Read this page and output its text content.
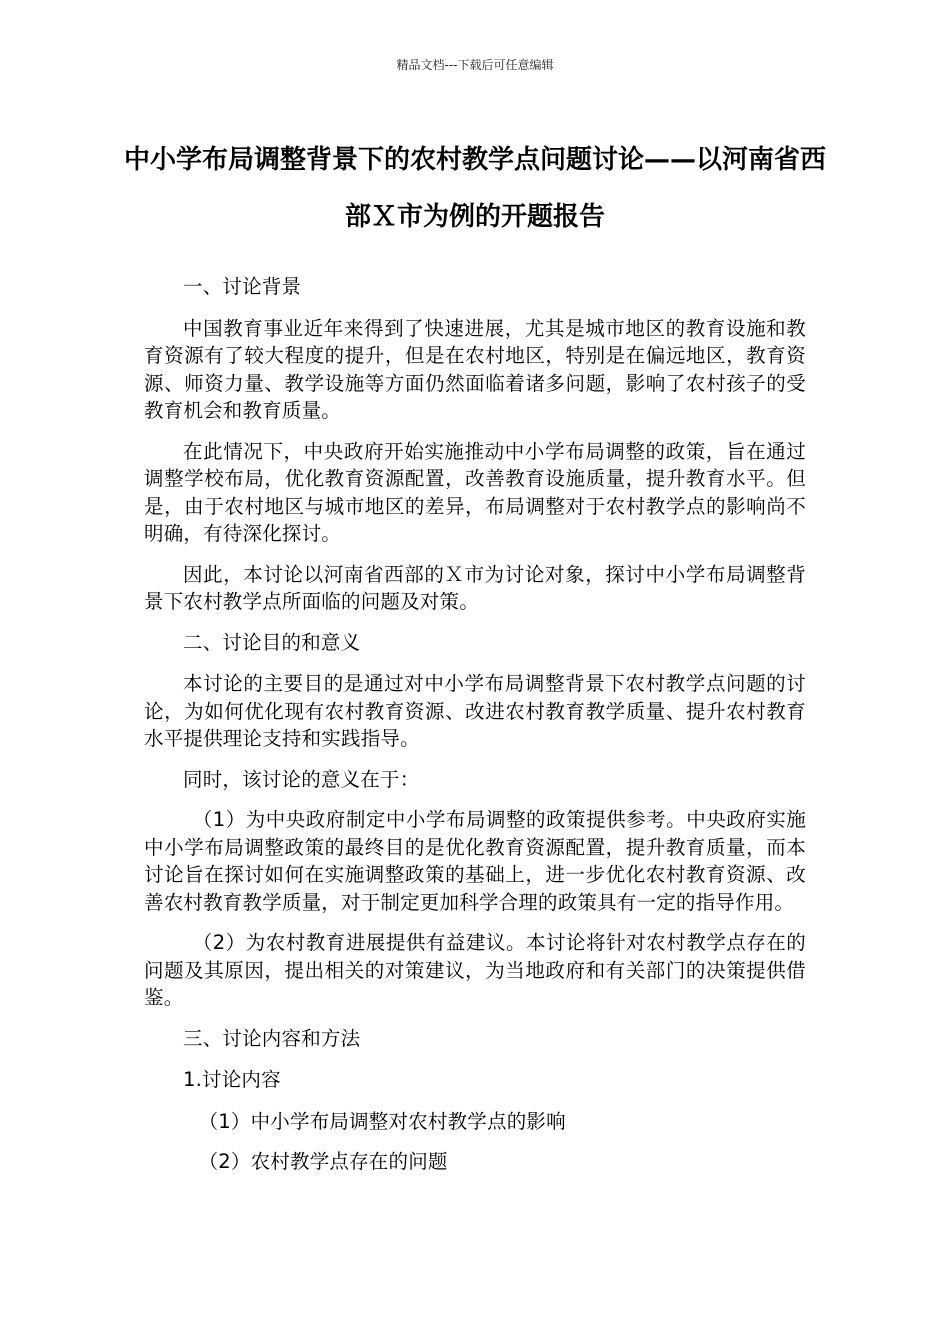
精品文档---下载后可任意编辑
中小学布局调整背景下的农村教学点问题讨论——以河南省西部Ｘ市为例的开题报告

一、讨论背景

中国教育事业近年来得到了快速进展，尤其是城市地区的教育设施和教育资源有了较大程度的提升，但是在农村地区，特别是在偏远地区，教育资源、师资力量、教学设施等方面仍然面临着诸多问题，影响了农村孩子的受教育机会和教育质量。

在此情况下，中央政府开始实施推动中小学布局调整的政策，旨在通过调整学校布局，优化教育资源配置，改善教育设施质量，提升教育水平。但是，由于农村地区与城市地区的差异，布局调整对于农村教学点的影响尚不明确，有待深化探讨。

因此，本讨论以河南省西部的Ｘ市为讨论对象，探讨中小学布局调整背景下农村教学点所面临的问题及对策。

二、讨论目的和意义

本讨论的主要目的是通过对中小学布局调整背景下农村教学点问题的讨论，为如何优化现有农村教育资源、改进农村教育教学质量、提升农村教育水平提供理论支持和实践指导。

同时，该讨论的意义在于：

（1）为中央政府制定中小学布局调整的政策提供参考。中央政府实施中小学布局调整政策的最终目的是优化教育资源配置，提升教育质量，而本讨论旨在探讨如何在实施调整政策的基础上，进一步优化农村教育资源、改善农村教育教学质量，对于制定更加科学合理的政策具有一定的指导作用。

（2）为农村教育进展提供有益建议。本讨论将针对农村教学点存在的问题及其原因，提出相关的对策建议，为当地政府和有关部门的决策提供借鉴。

三、讨论内容和方法

1.讨论内容

（1）中小学布局调整对农村教学点的影响

（2）农村教学点存在的问题
